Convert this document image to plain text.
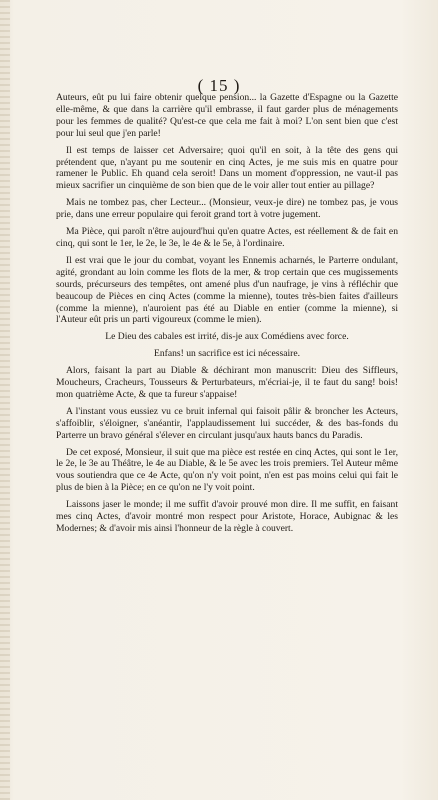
( 15 )

Auteurs, eût pu lui faire obtenir quelque pension... la Gazette d'Espagne ou la Gazette elle-même, & que dans la carrière qu'il embrasse, il faut garder plus de ménagements pour les femmes de qualité? Qu'est-ce que cela me fait à moi? L'on sent bien que c'est pour lui seul que j'en parle!

Il est temps de laisser cet Adversaire; quoi qu'il en soit, à la tête des gens qui prétendent que, n'ayant pu me soutenir en cinq Actes, je me suis mis en quatre pour ramener le Public. Eh quand cela seroit! Dans un moment d'oppression, ne vaut-il pas mieux sacrifier un cinquième de son bien que de le voir aller tout entier au pillage?

Mais ne tombez pas, cher Lecteur... (Monsieur, veux-je dire) ne tombez pas, je vous prie, dans une erreur populaire qui feroit grand tort à votre jugement.

Ma Pièce, qui paroît n'être aujourd'hui qu'en quatre Actes, est réellement & de fait en cinq, qui sont le 1er, le 2e, le 3e, le 4e & le 5e, à l'ordinaire.

Il est vrai que le jour du combat, voyant les Ennemis acharnés, le Parterre ondulant, agité, grondant au loin comme les flots de la mer, & trop certain que ces mugissements sourds, précurseurs des tempêtes, ont amené plus d'un naufrage, je vins à réfléchir que beaucoup de Pièces en cinq Actes (comme la mienne), toutes très-bien faites d'ailleurs (comme la mienne), n'auroient pas été au Diable en entier (comme la mienne), si l'Auteur eût pris un parti vigoureux (comme le mien).

Le Dieu des cabales est irrité, dis-je aux Comédiens avec force.

Enfans! un sacrifice est ici nécessaire.

Alors, faisant la part au Diable & déchirant mon manuscrit: Dieu des Siffleurs, Moucheurs, Cracheurs, Tousseurs & Perturbateurs, m'écriai-je, il te faut du sang! bois! mon quatrième Acte, & que ta fureur s'appaise!

A l'instant vous eussiez vu ce bruit infernal qui faisoit pâlir & broncher les Acteurs, s'affoiblir, s'éloigner, s'anéantir, l'applaudissement lui succéder, & des bas-fonds du Parterre un bravo général s'élever en circulant jusqu'aux hauts bancs du Paradis.

De cet exposé, Monsieur, il suit que ma pièce est restée en cinq Actes, qui sont le 1er, le 2e, le 3e au Théâtre, le 4e au Diable, & le 5e avec les trois premiers. Tel Auteur même vous soutiendra que ce 4e Acte, qu'on n'y voit point, n'en est pas moins celui qui fait le plus de bien à la Pièce; en ce qu'on ne l'y voit point.

Laissons jaser le monde; il me suffit d'avoir prouvé mon dire. Il me suffit, en faisant mes cinq Actes, d'avoir montré mon respect pour Aristote, Horace, Aubignac & les Modernes; & d'avoir mis ainsi l'honneur de la règle à couvert.
